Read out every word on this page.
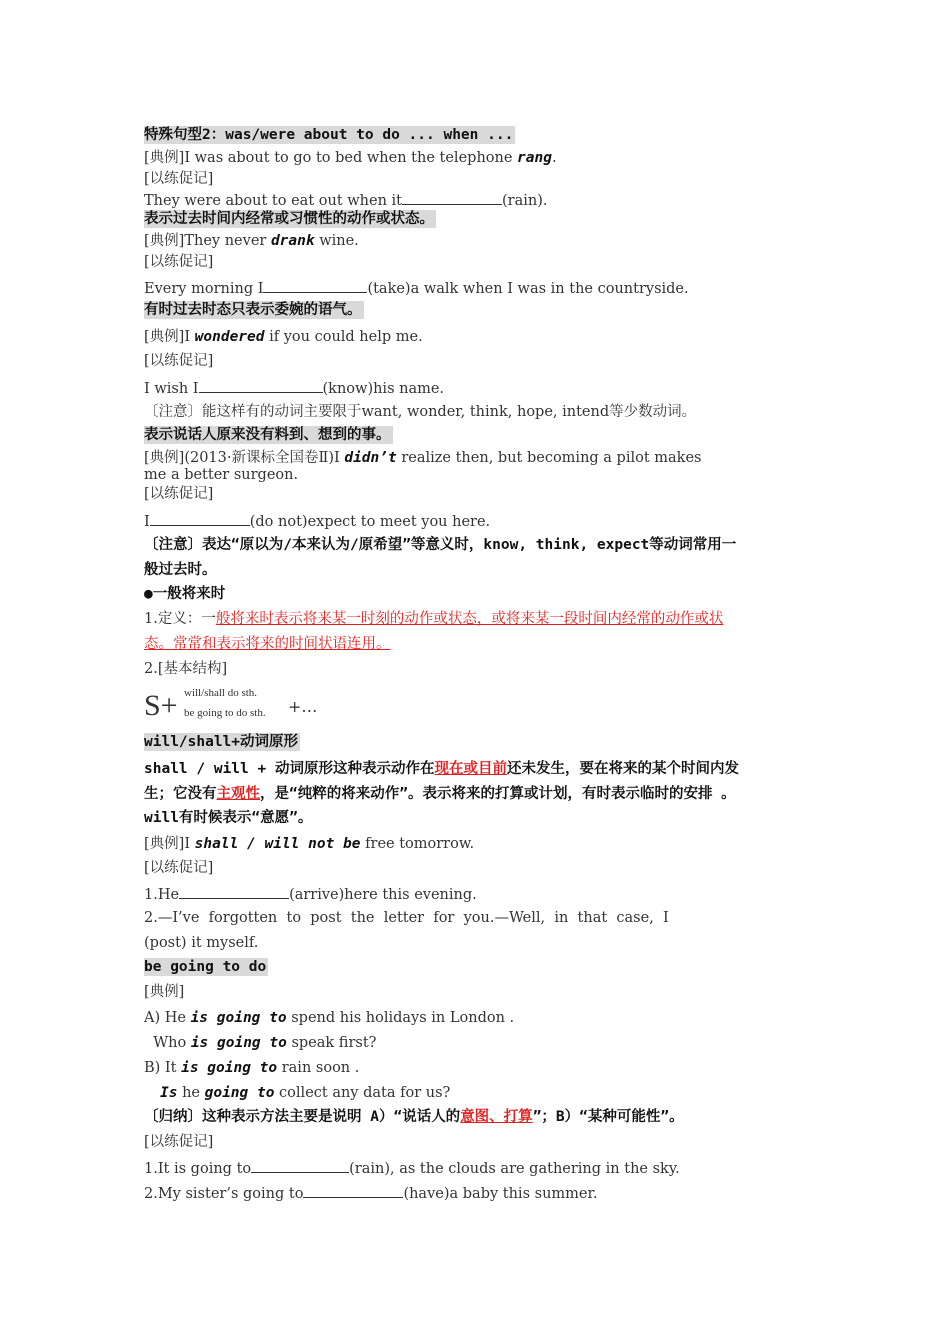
特殊句型2：was/were about to do ... when ...
[典例]I was about to go to bed when the telephone rang.
[以练促记]
They were about to eat out when it	(rain).
表示过去时间内经常或习惯性的动作或状态。
[典例]They never drank wine.
[以练促记]
Every morning I	(take)a walk when I was in the countryside.
有时过去时态只表示委婉的语气。
[典例]I wondered if you could help me.
[以练促记]
I wish I	(know)his name.
〔注意〕能这样有的动词主要限于want, wonder, think, hope, intend等少数动词。
表示说话人原来没有料到、想到的事。
[典例](2013·新课标全国卷Ⅱ)I didn’t realize then, but becoming a pilot makes
me a better surgeon.
[以练促记]
I	(do not)expect to meet you here.
〔注意〕表达“原以为/本来认为/原希望”等意义时，know, think, expect等动词常用一
般过去时。
●一般将来时
1.定义：一般将来时表示将来某一时刻的动作或状态，或将来某一段时间内经常的动作或状
态。常常和表示将来的时间状语连用。
2.[基本结构]
S+ will/shall do sth.
be going to do sth. +…
will/shall+动词原形
shall / will + 动词原形这种表示动作在现在或目前还未发生，要在将来的某个时间内发
生；它没有主观性，是“纯粹的将来动作”。表示将来的打算或计划，有时表示临时的安排 。
will有时候表示“意愿”。
[典例]I shall / will not be free tomorrow.
[以练促记]
1.He	(arrive)here this evening.
2.—I’ve  forgotten  to  post  the  letter  for  you.—Well,  in  that  case,  I
(post) it myself.
be going to do
[典例]
A) He is going to spend his holidays in London .
Who is going to speak first?
B) It is going to rain soon .
Is he going to collect any data for us?
〔归纳〕这种表示方法主要是说明 A）“说话人的意图、打算”；B）“某种可能性”。
[以练促记]
1.It is going to	(rain), as the clouds are gathering in the sky.
2.My sister’s going to	(have)a baby this summer.
